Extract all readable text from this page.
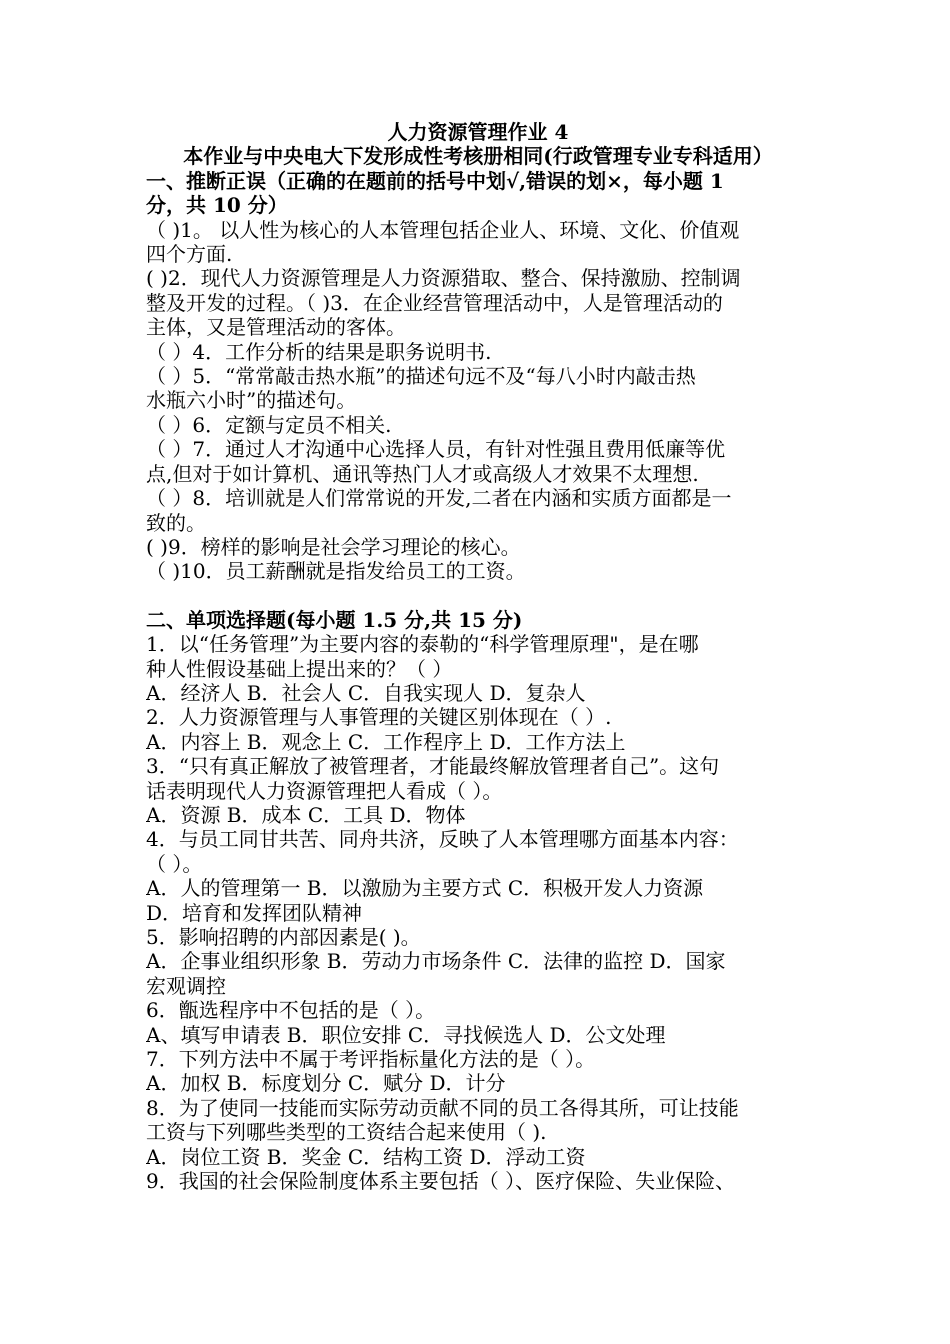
人力资源管理作业 4
本作业与中央电大下发形成性考核册相同(行政管理专业专科适用）
一、推断正误（正确的在题前的括号中划√,错误的划×，每小题 1
分，共 10 分）
（ )1。 以人性为核心的人本管理包括企业人、环境、文化、价值观
四个方面.
( )2．现代人力资源管理是人力资源猎取、整合、保持激励、控制调
整及开发的过程。（ )3．在企业经营管理活动中，人是管理活动的
主体，又是管理活动的客体。
（ ）4．工作分析的结果是职务说明书.
（ ）5．“常常敲击热水瓶”的描述句远不及“每八小时内敲击热
水瓶六小时”的描述句。
（ ）6．定额与定员不相关.
（ ）7．通过人才沟通中心选择人员，有针对性强且费用低廉等优
点,但对于如计算机、通讯等热门人才或高级人才效果不太理想.
（ ）8．培训就是人们常常说的开发,二者在内涵和实质方面都是一
致的。
( )9．榜样的影响是社会学习理论的核心。
（ )10．员工薪酬就是指发给员工的工资。
二、单项选择题(每小题 1.5 分,共 15 分)
1．以“任务管理”为主要内容的泰勒的“科学管理原理"，是在哪
种人性假设基础上提出来的？（ ）
A．经济人 B．社会人 C．自我实现人 D．复杂人
2．人力资源管理与人事管理的关键区别体现在（ ）.
A．内容上 B．观念上 C．工作程序上 D．工作方法上
3．“只有真正解放了被管理者，才能最终解放管理者自己”。这句
话表明现代人力资源管理把人看成（ ）。
A．资源 B．成本 C．工具 D．物体
4．与员工同甘共苦、同舟共济，反映了人本管理哪方面基本内容：
（ ）。
A．人的管理第一 B．以激励为主要方式 C．积极开发人力资源
D．培育和发挥团队精神
5．影响招聘的内部因素是( )。
A．企事业组织形象 B．劳动力市场条件 C．法律的监控 D．国家
宏观调控
6．甑选程序中不包括的是（ ）。
A、填写申请表 B．职位安排 C．寻找候选人 D．公文处理
7．下列方法中不属于考评指标量化方法的是（ ）。
A．加权 B．标度划分 C．赋分 D．计分
8．为了使同一技能而实际劳动贡献不同的员工各得其所，可让技能
工资与下列哪些类型的工资结合起来使用（ ).
A．岗位工资 B．奖金 C．结构工资 D．浮动工资
9．我国的社会保险制度体系主要包括（ ）、医疗保险、失业保险、
